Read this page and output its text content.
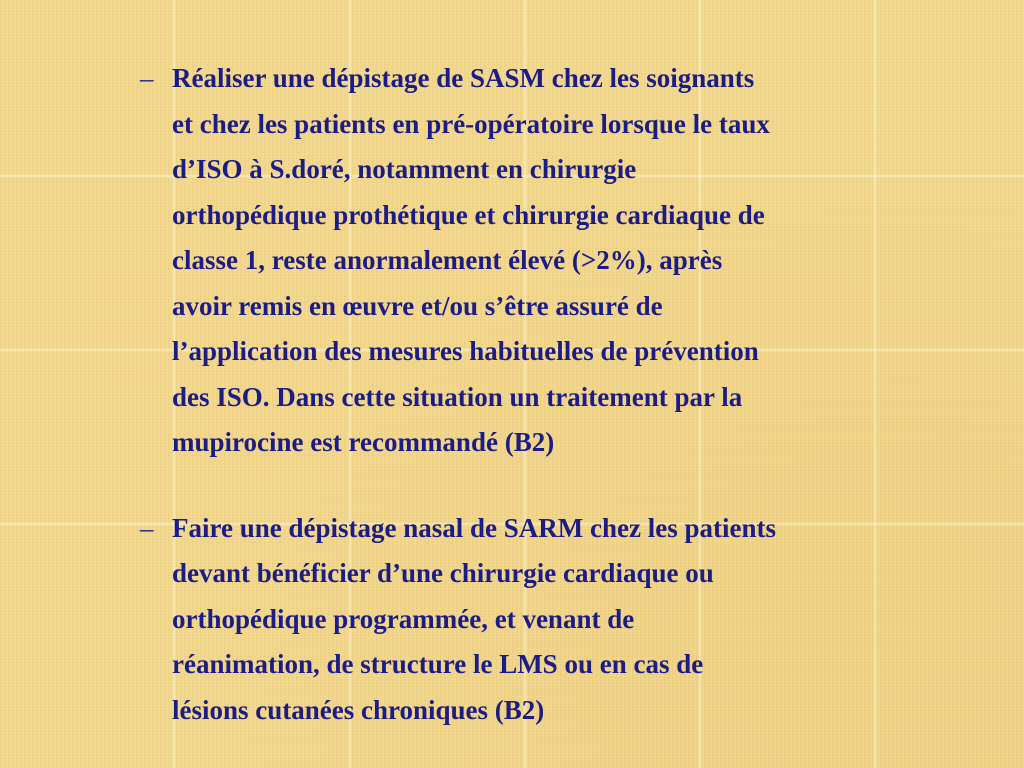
– Réaliser une dépistage de SASM chez les soignants
et chez les patients en pré-opératoire lorsque le taux
d’ISO à S.doré, notamment en chirurgie
orthopédique prothétique et chirurgie cardiaque de
classe 1, reste anormalement élevé (>2%), après
avoir remis en œuvre et/ou s’être assuré de
l’application des mesures habituelles de prévention
des ISO. Dans cette situation un traitement par la
mupirocine est recommandé (B2)
– Faire une dépistage nasal de SARM chez les patients
devant bénéficier d’une chirurgie cardiaque ou
orthopédique programmée, et venant de
réanimation, de structure le LMS ou en cas de
lésions cutanées chroniques (B2)
